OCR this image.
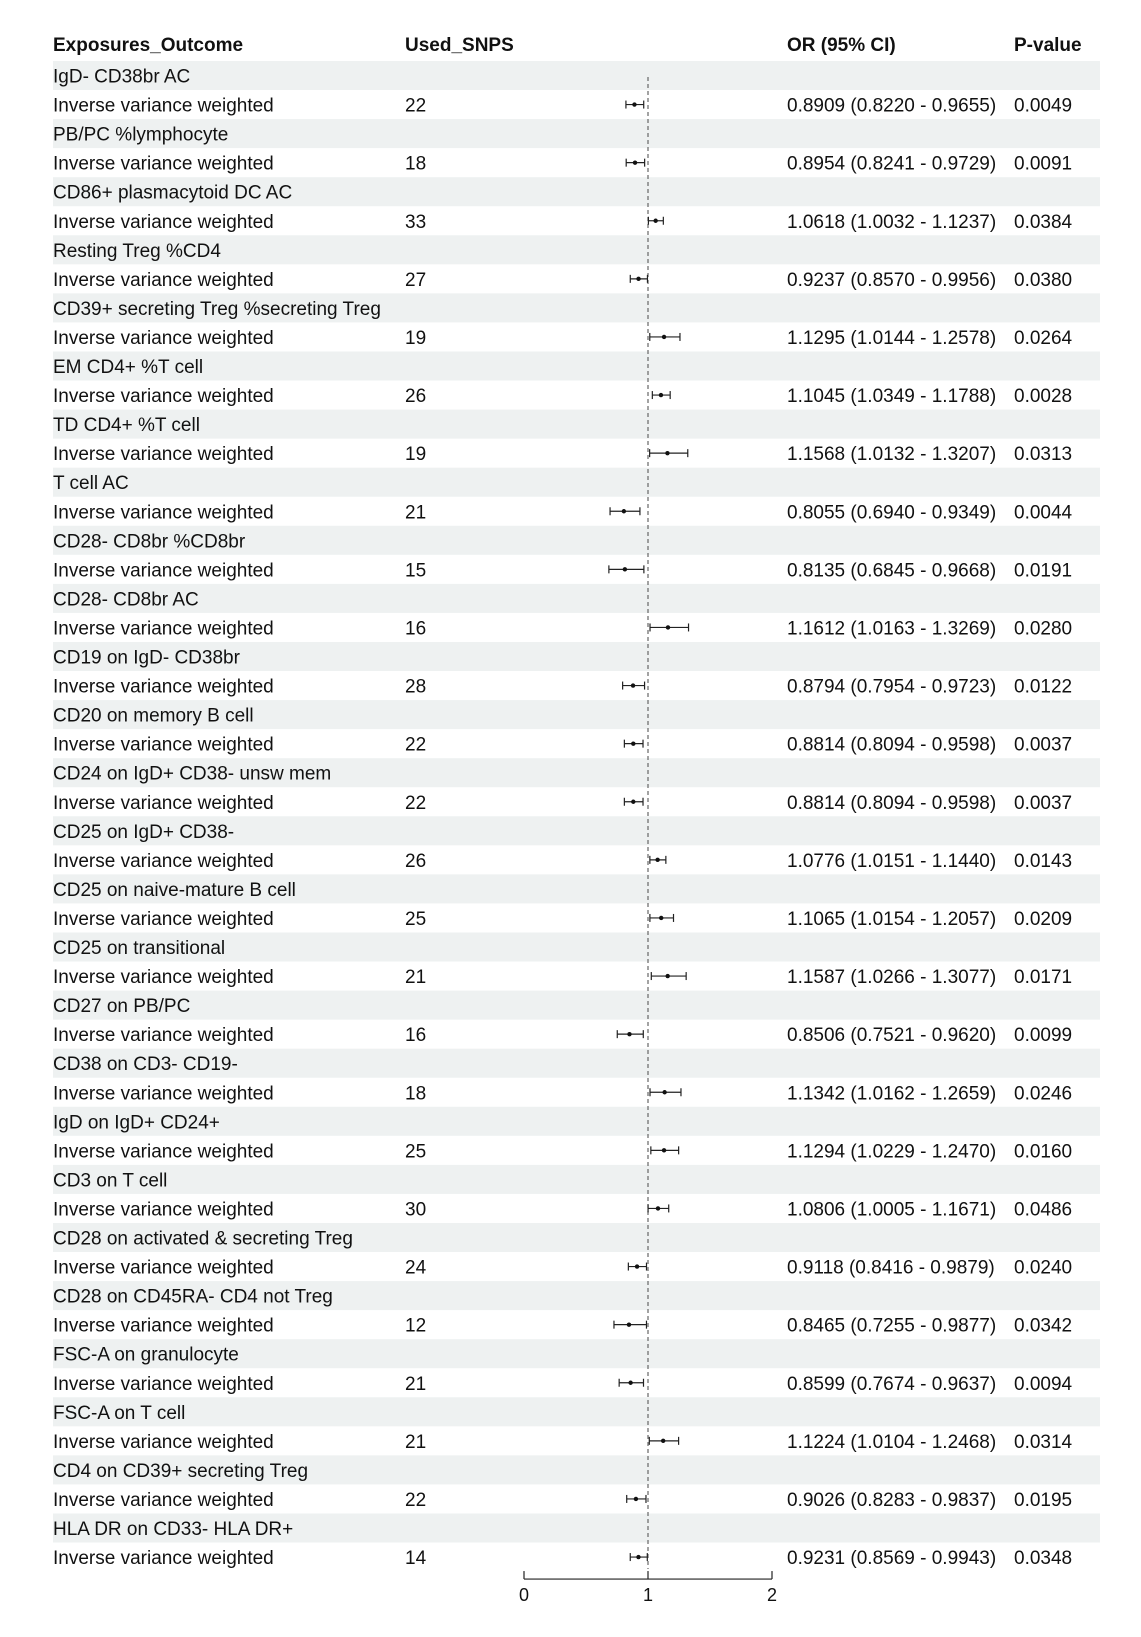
Exposures_Outcome	Used_SNPS	OR (95% CI)	P-value
IgD- CD38br AC
Inverse variance weighted	22	0.8909 (0.8220 - 0.9655) 0.0049
PB/PC %lymphocyte
Inverse variance weighted	18	0.8954 (0.8241 - 0.9729) 0.0091
CD86+ plasmacytoid DC AC
Inverse variance weighted	33	1.0618 (1.0032 - 1.1237) 0.0384
Resting Treg %CD4
Inverse variance weighted	27	0.9237 (0.8570 - 0.9956) 0.0380
CD39+ secreting Treg %secreting Treg
Inverse variance weighted	19	1.1295 (1.0144 - 1.2578) 0.0264
EM CD4+ %T cell
Inverse variance weighted	26	1.1045 (1.0349 - 1.1788) 0.0028
TD CD4+ %T cell
Inverse variance weighted	19	1.1568 (1.0132 - 1.3207) 0.0313
T cell AC
Inverse variance weighted	21	0.8055 (0.6940 - 0.9349) 0.0044
CD28- CD8br %CD8br
Inverse variance weighted	15	0.8135 (0.6845 - 0.9668) 0.0191
CD28- CD8br AC
Inverse variance weighted	16	1.1612 (1.0163 - 1.3269) 0.0280
CD19 on IgD- CD38br
Inverse variance weighted	28	0.8794 (0.7954 - 0.9723) 0.0122
CD20 on memory B cell
Inverse variance weighted	22	0.8814 (0.8094 - 0.9598) 0.0037
CD24 on IgD+ CD38- unsw mem
Inverse variance weighted	22	0.8814 (0.8094 - 0.9598) 0.0037
CD25 on IgD+ CD38-
Inverse variance weighted	26	1.0776 (1.0151 - 1.1440) 0.0143
CD25 on naive-mature B cell
Inverse variance weighted	25	1.1065 (1.0154 - 1.2057) 0.0209
CD25 on transitional
Inverse variance weighted	21	1.1587 (1.0266 - 1.3077) 0.0171
CD27 on PB/PC
Inverse variance weighted	16	0.8506 (0.7521 - 0.9620) 0.0099
CD38 on CD3- CD19-
Inverse variance weighted	18	1.1342 (1.0162 - 1.2659) 0.0246
IgD on IgD+ CD24+
Inverse variance weighted	25	1.1294 (1.0229 - 1.2470) 0.0160
CD3 on T cell
Inverse variance weighted	30	1.0806 (1.0005 - 1.1671) 0.0486
CD28 on activated & secreting Treg
Inverse variance weighted	24	0.9118 (0.8416 - 0.9879) 0.0240
CD28 on CD45RA- CD4 not Treg
Inverse variance weighted	12	0.8465 (0.7255 - 0.9877) 0.0342
FSC-A on granulocyte
Inverse variance weighted	21	0.8599 (0.7674 - 0.9637) 0.0094
FSC-A on T cell
Inverse variance weighted	21	1.1224 (1.0104 - 1.2468) 0.0314
CD4 on CD39+ secreting Treg
Inverse variance weighted	22	0.9026 (0.8283 - 0.9837) 0.0195
HLA DR on CD33- HLA DR+
Inverse variance weighted	14	0.9231 (0.8569 - 0.9943) 0.0348
0	1	2
